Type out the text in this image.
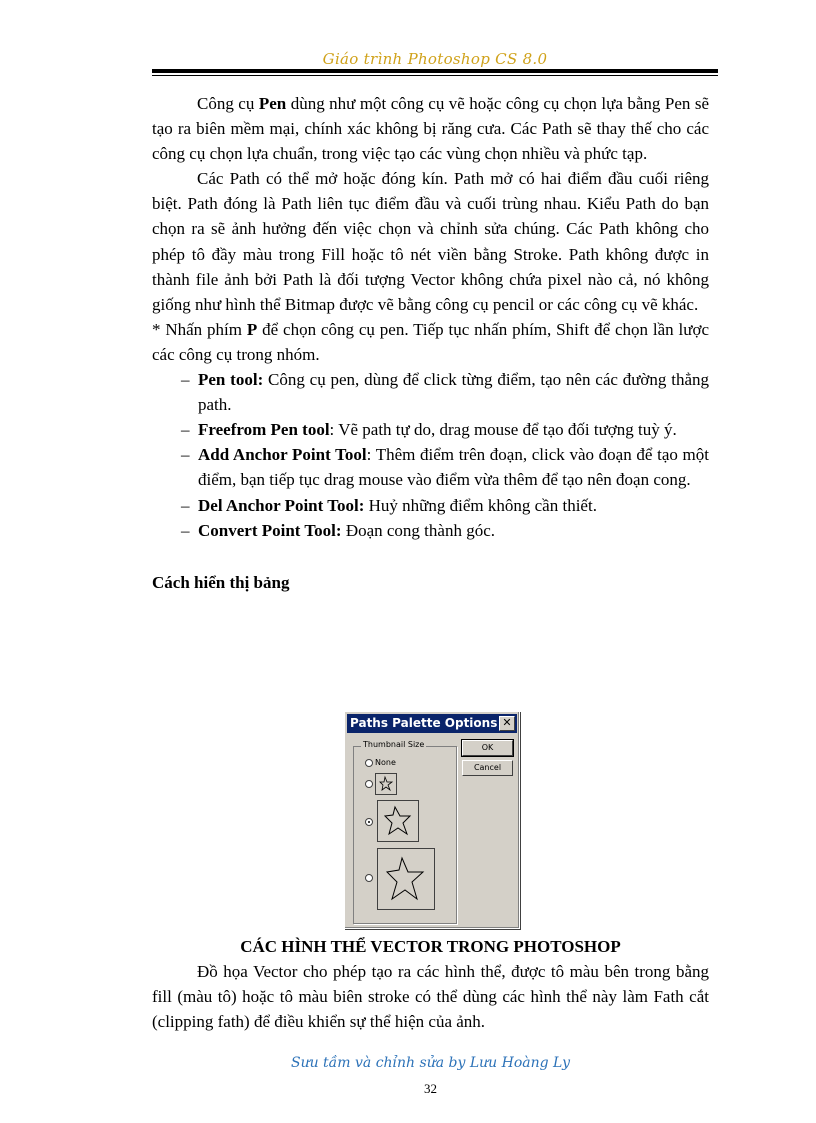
Giáo trình Photoshop CS 8.0

Công cụ Pen dùng như một công cụ vẽ hoặc công cụ chọn lựa bằng Pen sẽ tạo ra biên mềm mại, chính xác không bị răng cưa. Các Path sẽ thay thế cho các công cụ chọn lựa chuẩn, trong việc tạo các vùng chọn nhiều và phức tạp.

Các Path có thể mở hoặc đóng kín. Path mở có hai điểm đầu cuối riêng biệt. Path đóng là Path liên tục điểm đầu và cuối trùng nhau. Kiểu Path do bạn chọn ra sẽ ảnh hưởng đến việc chọn và chỉnh sửa chúng. Các Path không cho phép tô đầy màu trong Fill hoặc tô nét viền bằng Stroke. Path không được in thành file ảnh bởi Path là đối tượng Vector không chứa pixel nào cả, nó không giống như hình thể Bitmap được vẽ bằng công cụ pencil or các công cụ vẽ khác.

* Nhấn phím P để chọn công cụ pen. Tiếp tục nhấn phím, Shift để chọn lần lược các công cụ trong nhóm.

– Pen tool: Công cụ pen, dùng để click từng điểm, tạo nên các đường thẳng path.
– Freefrom Pen tool: Vẽ path tự do, drag mouse để tạo đối tượng tuỳ ý.
– Add Anchor Point Tool: Thêm điểm trên đoạn, click vào đoạn để tạo một điểm, bạn tiếp tục drag mouse vào điểm vừa thêm để tạo nên đoạn cong.
– Del Anchor Point Tool: Huỷ những điểm không cần thiết.
– Convert Point Tool: Đoạn cong thành góc.

Cách hiển thị bảng

Paths Palette Options ✕
Thumbnail Size	OK
Cancel
None

CÁC HÌNH THỂ VECTOR TRONG PHOTOSHOP

Đồ họa Vector cho phép tạo ra các hình thể, được tô màu bên trong bằng fill (màu tô) hoặc tô màu biên stroke có thể dùng các hình thể này làm Fath cắt (clipping fath) để điều khiển sự thể hiện của ảnh.

Sưu tầm và chỉnh sửa by Lưu Hoàng Ly
32
